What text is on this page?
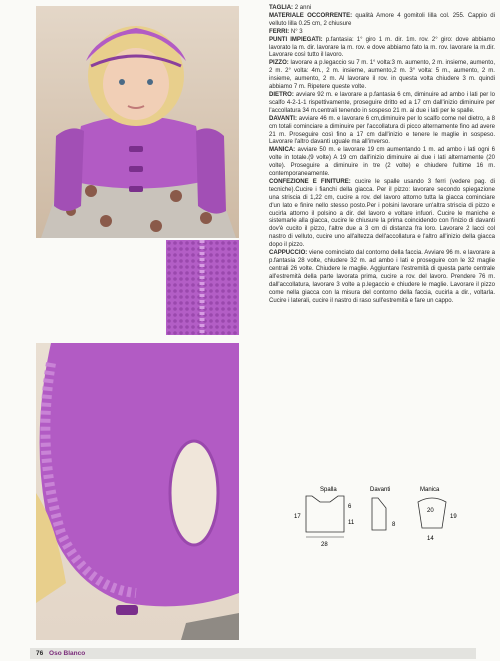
TAGLIA: 2 anni

MATERIALE OCCORRENTE: qualità Amore 4 gomitoli lilla col. 255. Cappio di velluto lilla 0.25 cm, 2 chiusure

FERRI: N° 3

PUNTI IMPIEGATI: p.fantasia: 1° giro 1 m. dir. 1m. rov. 2° giro: dove abbiamo lavorato la m. dir. lavorare la m. rov. e dove abbiamo fato la m. rov. lavorare la m.dir. Lavorare così tutto il lavoro.

PIZZO: lavorare a p.legaccio su 7 m. 1° volta:3 m. aumento, 2 m. insieme, aumento, 2 m. 2° volta: 4m., 2 m. insieme, aumento,2 m. 3° volta: 5 m., aumento, 2 m. insieme, aumento, 2 m. Al lavorare il rov. in questa volta chiudere 3 m. quindi abbiamo 7 m. Ripetere queste volte.

DIETRO: avviare 92 m. e lavorare a p.fantasia 6 cm, diminuire ad ambo i lati per lo scalfo 4-2-1-1 rispettivamente, proseguire dritto ed a 17 cm dall'inizio diminuire per l'accollatura 34 m.centrali tenendo in sospeso 21 m. ai due i lati per le spalle.

DAVANTI: avviare 46 m. e lavorare 6 cm,diminuire per lo scalfo come nel dietro, a 8 cm totali cominciare a diminuire per l'accollatura di picco alternamente fino ad avere 21 m. Proseguire così fino a 17 cm dall'inizio e tenere le maglie in sospeso. Lavorare l'altro davanti uguale ma all'inverso.

MANICA: avviare 50 m. e lavorare 19 cm aumentando 1 m. ad ambo i lati ogni 6 volte in totale.(9 volte) A 19 cm dall'inizio diminuire ai due i lati alternamente (20 volte). Proseguire a diminuire in tre (2 volte) e chiudere l'ultime 16 m. contemporaneamente.

CONFEZIONE E FINITURE: cucire le spalle usando 3 ferri (vedere pag. di tecniche).Cucire i fianchi della giacca. Per il pizzo: lavorare secondo spiegazione una striscia di 1,22 cm, cucire a rov. del lavoro attorno tutta la giacca cominciare d'un lato e finire nello stesso posto.Per i polsini lavorare un'altra striscia di pizzo e cucirla attorno il polsino a dir. del lavoro e voltare infuori. Cucire le maniche e sistemarle alla giacca, cucire le chiusure la prima coincidendo con l'inizio di davanti dov'è cucito il pizzo, l'altre due a 3 cm di distanza fra loro. Lavorare 2 lacci col nastro di velluto, cucire uno all'altezza dell'accollatura e l'altro all'inizio della giacca dopo il pizzo.

CAPPUCCIO: viene cominciato dal contorno della faccia. Avviare 96 m. e lavorare a p.fantasia 28 volte, chiudere 32 m. ad ambo i lati e proseguire con le 32 maglie centrali 26 volte. Chiudere le maglie. Aggiuntare l'estremità di questa parte centrale all'estremità della parte lavorata prima, cucire a rov. del lavoro. Prendere 76 m. dall'accollatura, lavorare 3 volte a p.legaccio e chiudere le maglie. Lavorare il pizzo come nella giacca con la misura del contorno della faccia, cucirla a dir., voltarla. Cucire i laterali, cucire il nastro di raso sull'estremità e fare un cappo.

Spalla
28
17
6
11
Davanti
8
Manica
20
19
14
76 Oso Blanco
